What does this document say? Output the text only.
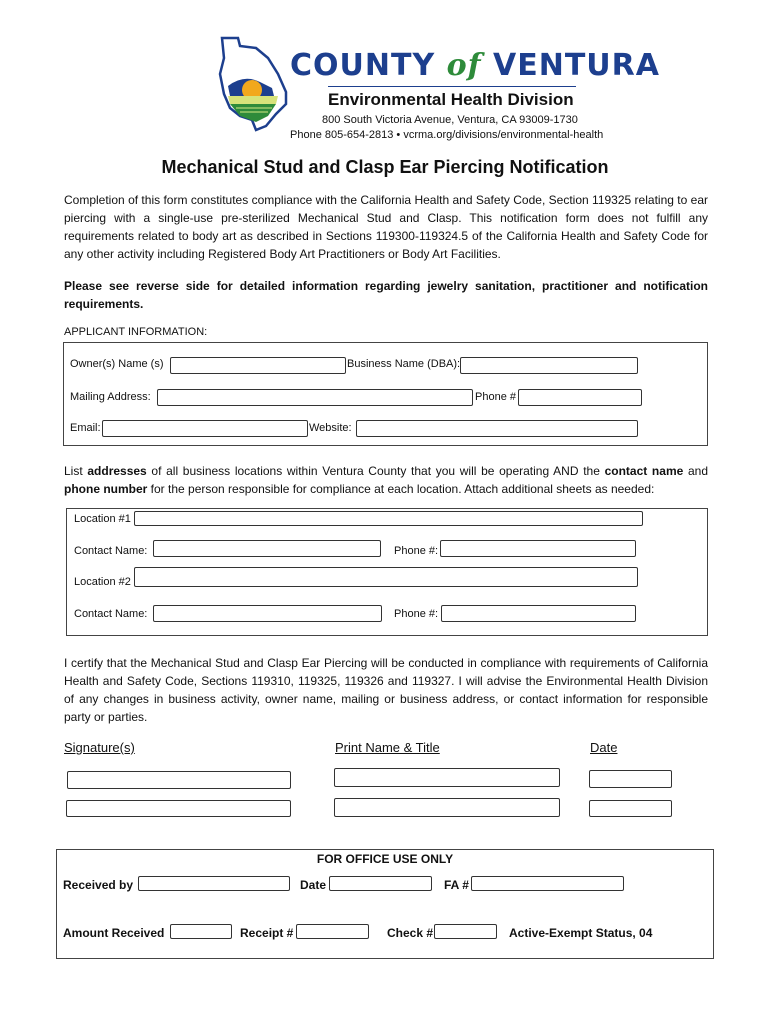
COUNTY of VENTURA
Environmental Health Division
800 South Victoria Avenue, Ventura, CA 93009-1730
Phone 805-654-2813 • vcrma.org/divisions/environmental-health
Mechanical Stud and Clasp Ear Piercing Notification
Completion of this form constitutes compliance with the California Health and Safety Code, Section 119325 relating to ear piercing with a single-use pre-sterilized Mechanical Stud and Clasp. This notification form does not fulfill any requirements related to body art as described in Sections 119300-119324.5 of the California Health and Safety Code for any other activity including Registered Body Art Practitioners or Body Art Facilities.
Please see reverse side for detailed information regarding jewelry sanitation, practitioner and notification requirements.
APPLICANT INFORMATION:
Owner(s) Name (s)	Business Name (DBA):
Mailing Address:	Phone #
Email:	Website:
List addresses of all business locations within Ventura County that you will be operating AND the contact name and phone number for the person responsible for compliance at each location. Attach additional sheets as needed:
Location #1
Contact Name:	Phone #:
Location #2
Contact Name:	Phone #:
I certify that the Mechanical Stud and Clasp Ear Piercing will be conducted in compliance with requirements of California Health and Safety Code, Sections 119310, 119325, 119326 and 119327. I will advise the Environmental Health Division of any changes in business activity, owner name, mailing or business address, or contact information for responsible party or parties.
Signature(s)	Print Name & Title	Date
FOR OFFICE USE ONLY
Received by	Date	FA #
Amount Received	Receipt #	Check #	Active-Exempt Status, 04
